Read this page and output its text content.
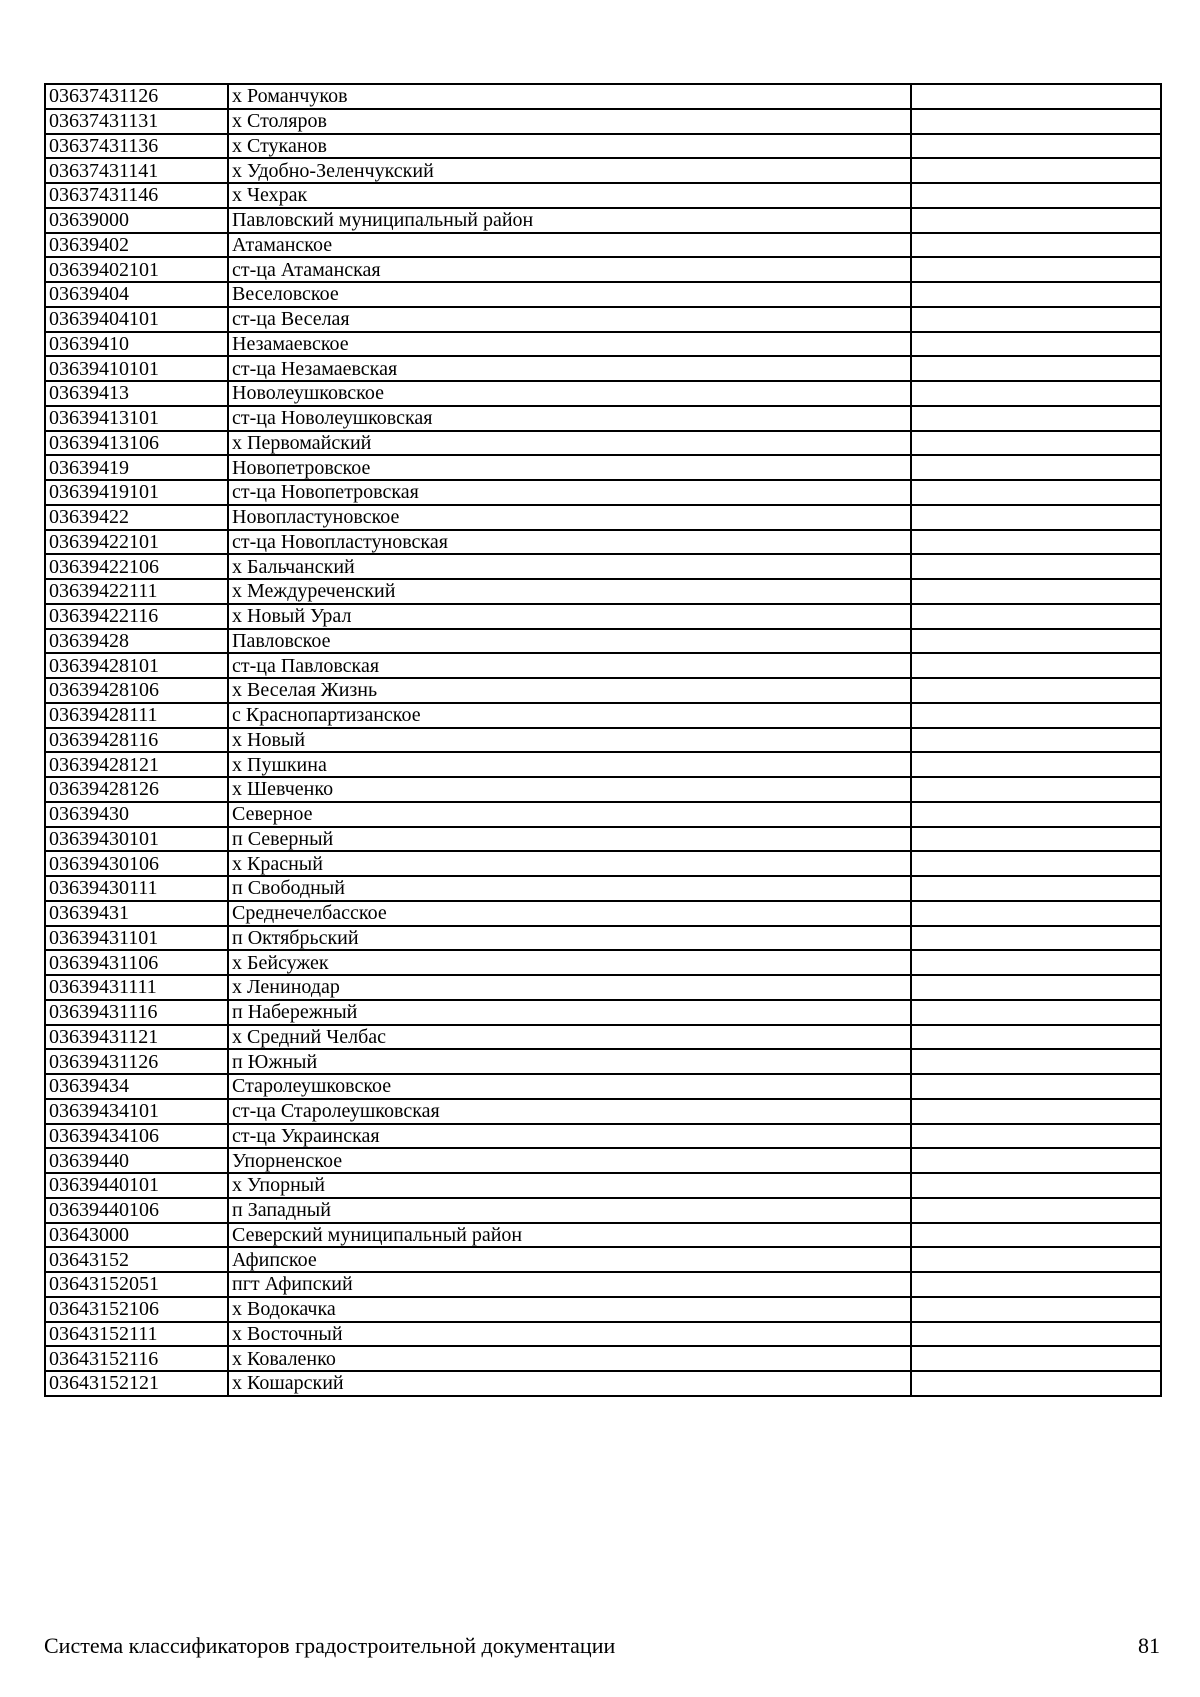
03637431126	х Романчуков	
03637431131	х Столяров	
03637431136	х Стуканов	
03637431141	х Удобно-Зеленчукский	
03637431146	х Чехрак	
03639000	Павловский муниципальный район	
03639402	Атаманское	
03639402101	ст-ца Атаманская	
03639404	Веселовское	
03639404101	ст-ца Веселая	
03639410	Незамаевское	
03639410101	ст-ца Незамаевская	
03639413	Новолеушковское	
03639413101	ст-ца Новолеушковская	
03639413106	х Первомайский	
03639419	Новопетровское	
03639419101	ст-ца Новопетровская	
03639422	Новопластуновское	
03639422101	ст-ца Новопластуновская	
03639422106	х Бальчанский	
03639422111	х Междуреченский	
03639422116	х Новый Урал	
03639428	Павловское	
03639428101	ст-ца Павловская	
03639428106	х Веселая Жизнь	
03639428111	с Краснопартизанское	
03639428116	х Новый	
03639428121	х Пушкина	
03639428126	х Шевченко	
03639430	Северное	
03639430101	п Северный	
03639430106	х Красный	
03639430111	п Свободный	
03639431	Среднечелбасское	
03639431101	п Октябрьский	
03639431106	х Бейсужек	
03639431111	х Ленинодар	
03639431116	п Набережный	
03639431121	х Средний Челбас	
03639431126	п Южный	
03639434	Старолеушковское	
03639434101	ст-ца Старолеушковская	
03639434106	ст-ца Украинская	
03639440	Упорненское	
03639440101	х Упорный	
03639440106	п Западный	
03643000	Северский муниципальный район	
03643152	Афипское	
03643152051	пгт Афипский	
03643152106	х Водокачка	
03643152111	х Восточный	
03643152116	х Коваленко	
03643152121	х Кошарский	
Система классификаторов градостроительной документации	81
